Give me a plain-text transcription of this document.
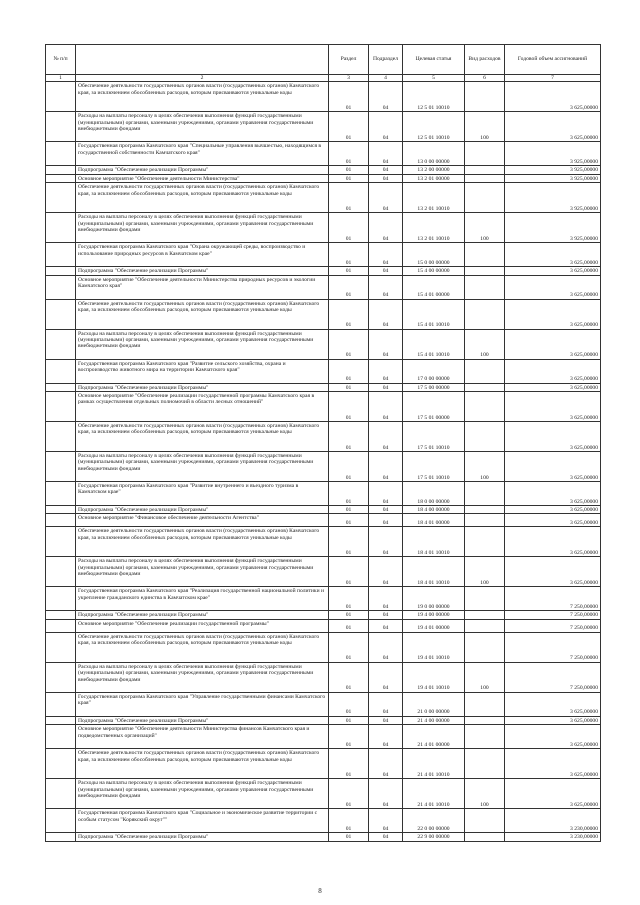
№ п/п		Раздел	Подраздел	Целевая статья	Вид расходов	Годовой объем ассигнований
1	2	3	4	5	6	7
	Обеспечение деятельности государственных органов власти (государственных органов) Камчатского края, за исключением обособленных расходов, которым присваиваются уникальные коды	01	04	12 5 01 10010		3 625,00000
	Расходы на выплаты персоналу в целях обеспечения выполнения функций государственными (муниципальными) органами, казенными учреждениями, органами управления государственными внебюджетными фондами	01	04	12 5 01 10010	100	3 625,00000
	Государственная программа Камчатского края "Специальные управления вычшестью, находящимся в государственной собственности Камчатского края"	01	04	13 0 00 00000		3 925,00000
	Подпрограмма "Обеспечение реализации Программы"	01	04	13 2 00 00000		3 925,00000
	Основное мероприятие "Обеспечение деятельности Министерства"	01	04	13 2 01 00000		3 925,00000
	Обеспечение деятельности государственных органов власти (государственных органов) Камчатского края, за исключением обособленных расходов, которым присваиваются уникальные коды	01	04	13 2 01 10010		3 925,00000
	Расходы на выплаты персоналу в целях обеспечения выполнения функций государственными (муниципальными) органами, казенными учреждениями, органами управления государственными внебюджетными фондами	01	04	13 2 01 10010	100	3 925,00000
	Государственная программа Камчатского края "Охрана окружающей среды, воспроизводство и использование природных ресурсов в Камчатском крае"	01	04	15 0 00 00000		3 625,00000
	Подпрограмма "Обеспечение реализации Программы"	01	04	15 4 00 00000		3 625,00000
	Основное мероприятие "Обеспечение деятельности Министерства природных ресурсов и экологии Камчатского края"	01	04	15 4 01 00000		3 625,00000
	Обеспечение деятельности государственных органов власти (государственных органов) Камчатского края, за исключением обособленных расходов, которым присваиваются уникальные коды	01	04	15 4 01 10010		3 625,00000
	Расходы на выплаты персоналу в целях обеспечения выполнения функций государственными (муниципальными) органами, казенными учреждениями, органами управления государственными внебюджетными фондами	01	04	15 4 01 10010	100	3 625,00000
	Государственная программа Камчатского края "Развитие сельского хозяйства, охрана и воспроизводство животного мира на территории Камчатского края"	01	04	17 0 00 00000		3 625,00000
	Подпрограмма "Обеспечение реализации Программы"	01	04	17 5 00 00000		3 625,00000
	Основное мероприятие "Обеспечение реализации государственной программы Камчатского края в рамках осуществления отдельных полномочий в области лесных отношений"	01	04	17 5 01 00000		3 625,00000
	Обеспечение деятельности государственных органов власти (государственных органов) Камчатского края, за исключением обособленных расходов, которым присваиваются уникальные коды	01	04	17 5 01 10010		3 625,00000
	Расходы на выплаты персоналу в целях обеспечения выполнения функций государственными (муниципальными) органами, казенными учреждениями, органами управления государственными внебюджетными фондами	01	04	17 5 01 10010	100	3 625,00000
	Государственная программа Камчатского края "Развитие внутреннего и въездного туризма в Камчатском крае"	01	04	18 0 00 00000		3 625,00000
	Подпрограмма "Обеспечение реализации Программы"	01	04	18 4 00 00000		3 625,00000
	Основное мероприятие "Финансовое обеспечение деятельности Агентства"	01	04	18 4 01 00000		3 625,00000
	Обеспечение деятельности государственных органов власти (государственных органов) Камчатского края, за исключением обособленных расходов, которым присваиваются уникальные коды	01	04	18 4 01 10010		3 625,00000
	Расходы на выплаты персоналу в целях обеспечения выполнения функций государственными (муниципальными) органами, казенными учреждениями, органами управления государственными внебюджетными фондами	01	04	18 4 01 10010	100	3 625,00000
	Государственная программа Камчатского края "Реализация государственной национальной политики и укрепление гражданского единства в Камчатском крае"	01	04	19 0 00 00000		7 250,00000
	Подпрограмма "Обеспечение реализации Программы"	01	04	19 4 00 00000		7 250,00000
	Основное мероприятие "Обеспечение реализации государственной программы"	01	04	19 4 01 00000		7 250,00000
	Обеспечение деятельности государственных органов власти (государственных органов) Камчатского края, за исключением обособленных расходов, которым присваиваются уникальные коды	01	04	19 4 01 10010		7 250,00000
	Расходы на выплаты персоналу в целях обеспечения выполнения функций государственными (муниципальными) органами, казенными учреждениями, органами управления государственными внебюджетными фондами	01	04	19 4 01 10010	100	7 250,00000
	Государственная программа Камчатского края "Управление государственными финансами Камчатского края"	01	04	21 0 00 00000		3 625,00000
	Подпрограмма "Обеспечение реализации Программы"	01	04	21 4 00 00000		3 625,00000
	Основное мероприятие "Обеспечение деятельности Министерства финансов Камчатского края и подведомственных организаций"	01	04	21 4 01 00000		3 625,00000
	Обеспечение деятельности государственных органов власти (государственных органов) Камчатского края, за исключением обособленных расходов, которым присваиваются уникальные коды	01	04	21 4 01 10010		3 625,00000
	Расходы на выплаты персоналу в целях обеспечения выполнения функций государственными (муниципальными) органами, казенными учреждениями, органами управления государственными внебюджетными фондами	01	04	21 4 01 10010	100	3 625,00000
	Государственная программа Камчатского края "Социальное и экономическое развитие территории с особым статусом "Корякский округ""	01	04	22 0 00 00000		3 230,00000
	Подпрограмма "Обеспечение реализации Программы"	01	04	22 9 00 00000		3 230,00000
8
